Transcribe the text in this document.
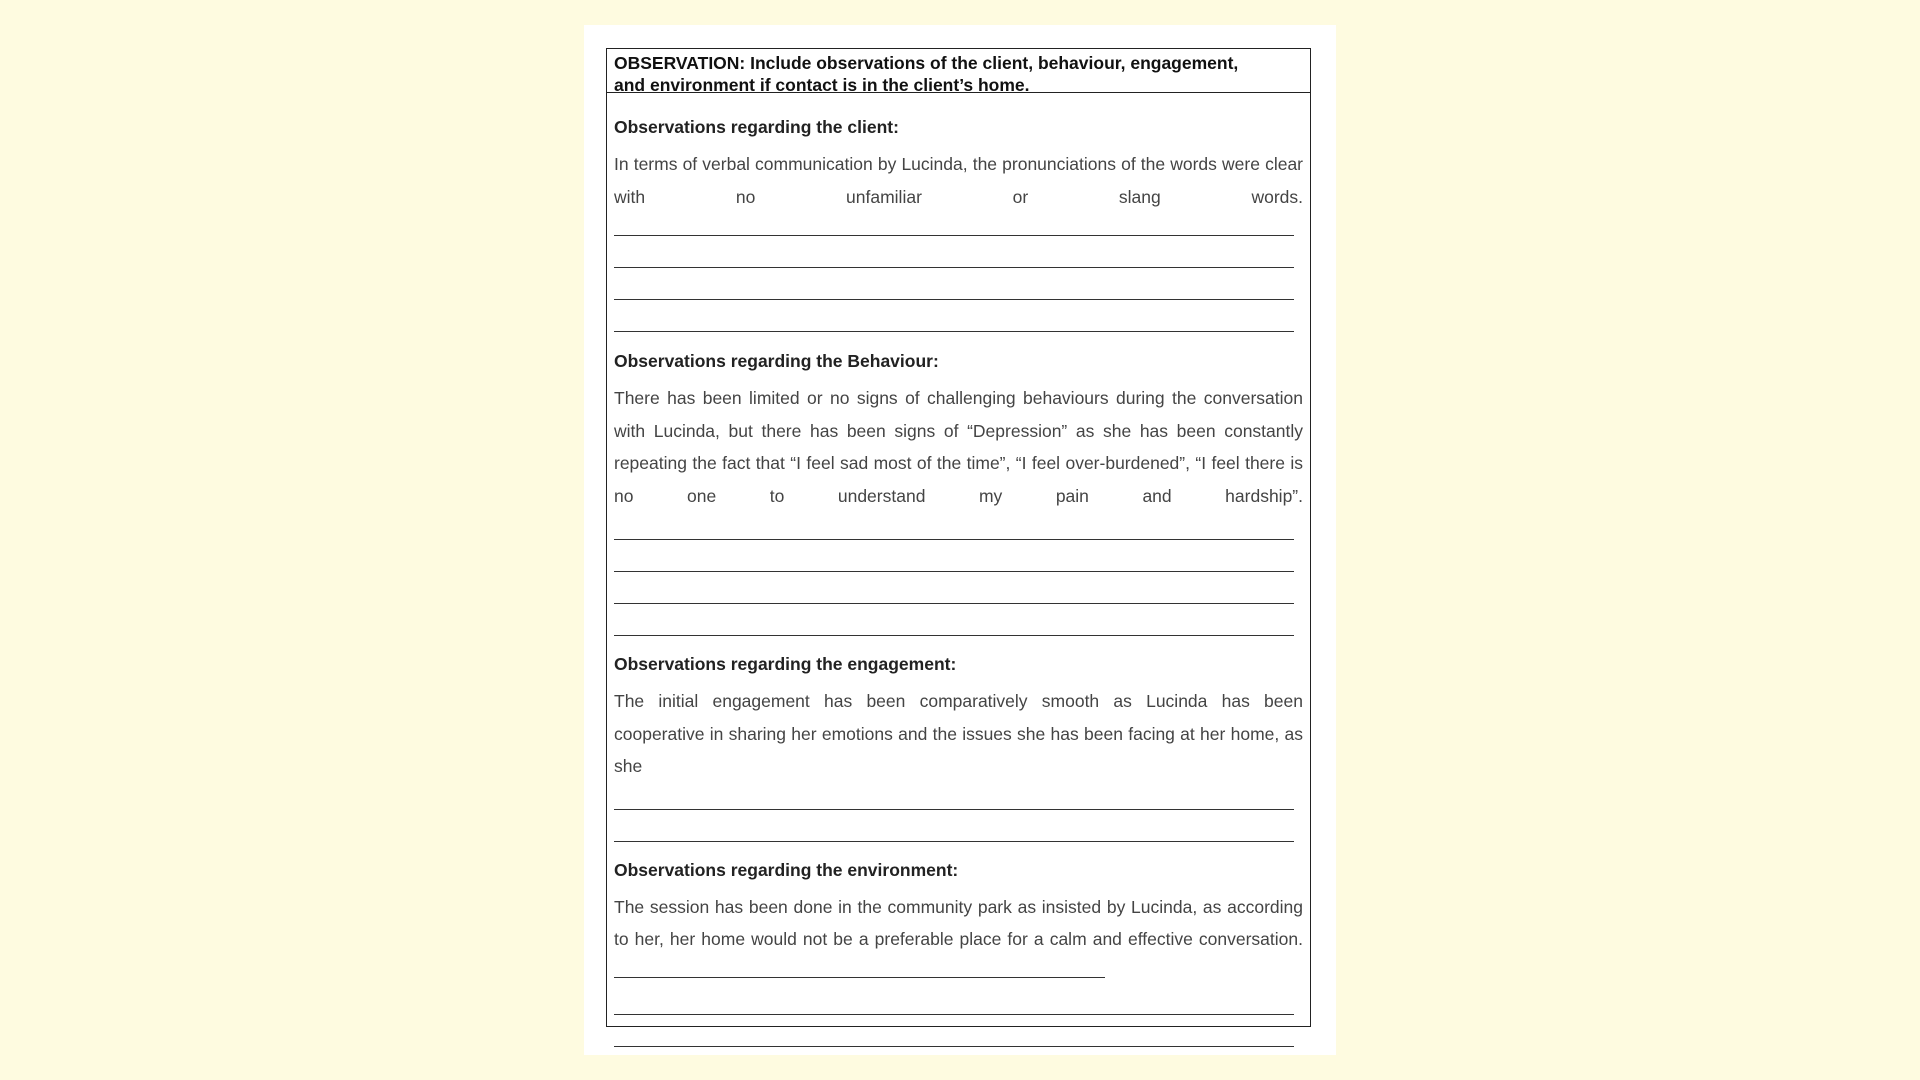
OBSERVATION: Include observations of the client, behaviour, engagement,
and environment if contact is in the client’s home.
Observations regarding the client:
In terms of verbal communication by Lucinda, the pronunciations of the words were clear with no unfamiliar or slang words.
Observations regarding the Behaviour:
There has been limited or no signs of challenging behaviours during the conversation with Lucinda, but there has been signs of “Depression” as she has been constantly repeating the fact that “I feel sad most of the time”, “I feel over-burdened”, “I feel there is no one to understand my pain and hardship”.
Observations regarding the engagement:
The initial engagement has been comparatively smooth as Lucinda has been cooperative in sharing her emotions and the issues she has been facing at her home, as she
Observations regarding the environment:
The session has been done in the community park as insisted by Lucinda, as according to her, her home would not be a preferable place for a calm and effective conversation.
